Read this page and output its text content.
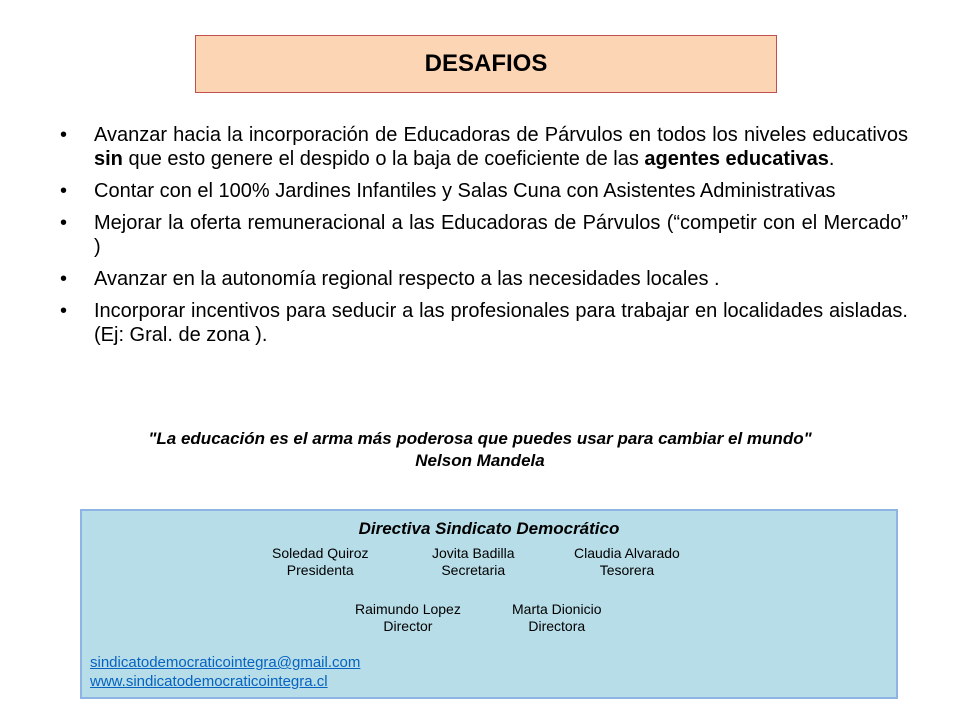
DESAFIOS
• Avanzar hacia la incorporación de Educadoras de Párvulos en todos los niveles educativos sin que esto genere el despido o la baja de coeficiente de las agentes educativas.
• Contar con el 100% Jardines Infantiles y Salas Cuna con Asistentes Administrativas
• Mejorar la oferta remuneracional a las Educadoras de Párvulos (“competir con el Mercado” )
• Avanzar en la autonomía regional respecto a las necesidades locales .
• Incorporar incentivos para seducir a las profesionales para trabajar en localidades aisladas. (Ej: Gral. de zona ).
"La educación es el arma más poderosa que puedes usar para cambiar el mundo"
Nelson Mandela
Directiva Sindicato Democrático
Soledad Quiroz
Presidenta
Jovita Badilla
Secretaria
Claudia Alvarado
Tesorera
Raimundo Lopez
Director
Marta Dionicio
Directora
sindicatodemocraticointegra@gmail.com
www.sindicatodemocraticointegra.cl
